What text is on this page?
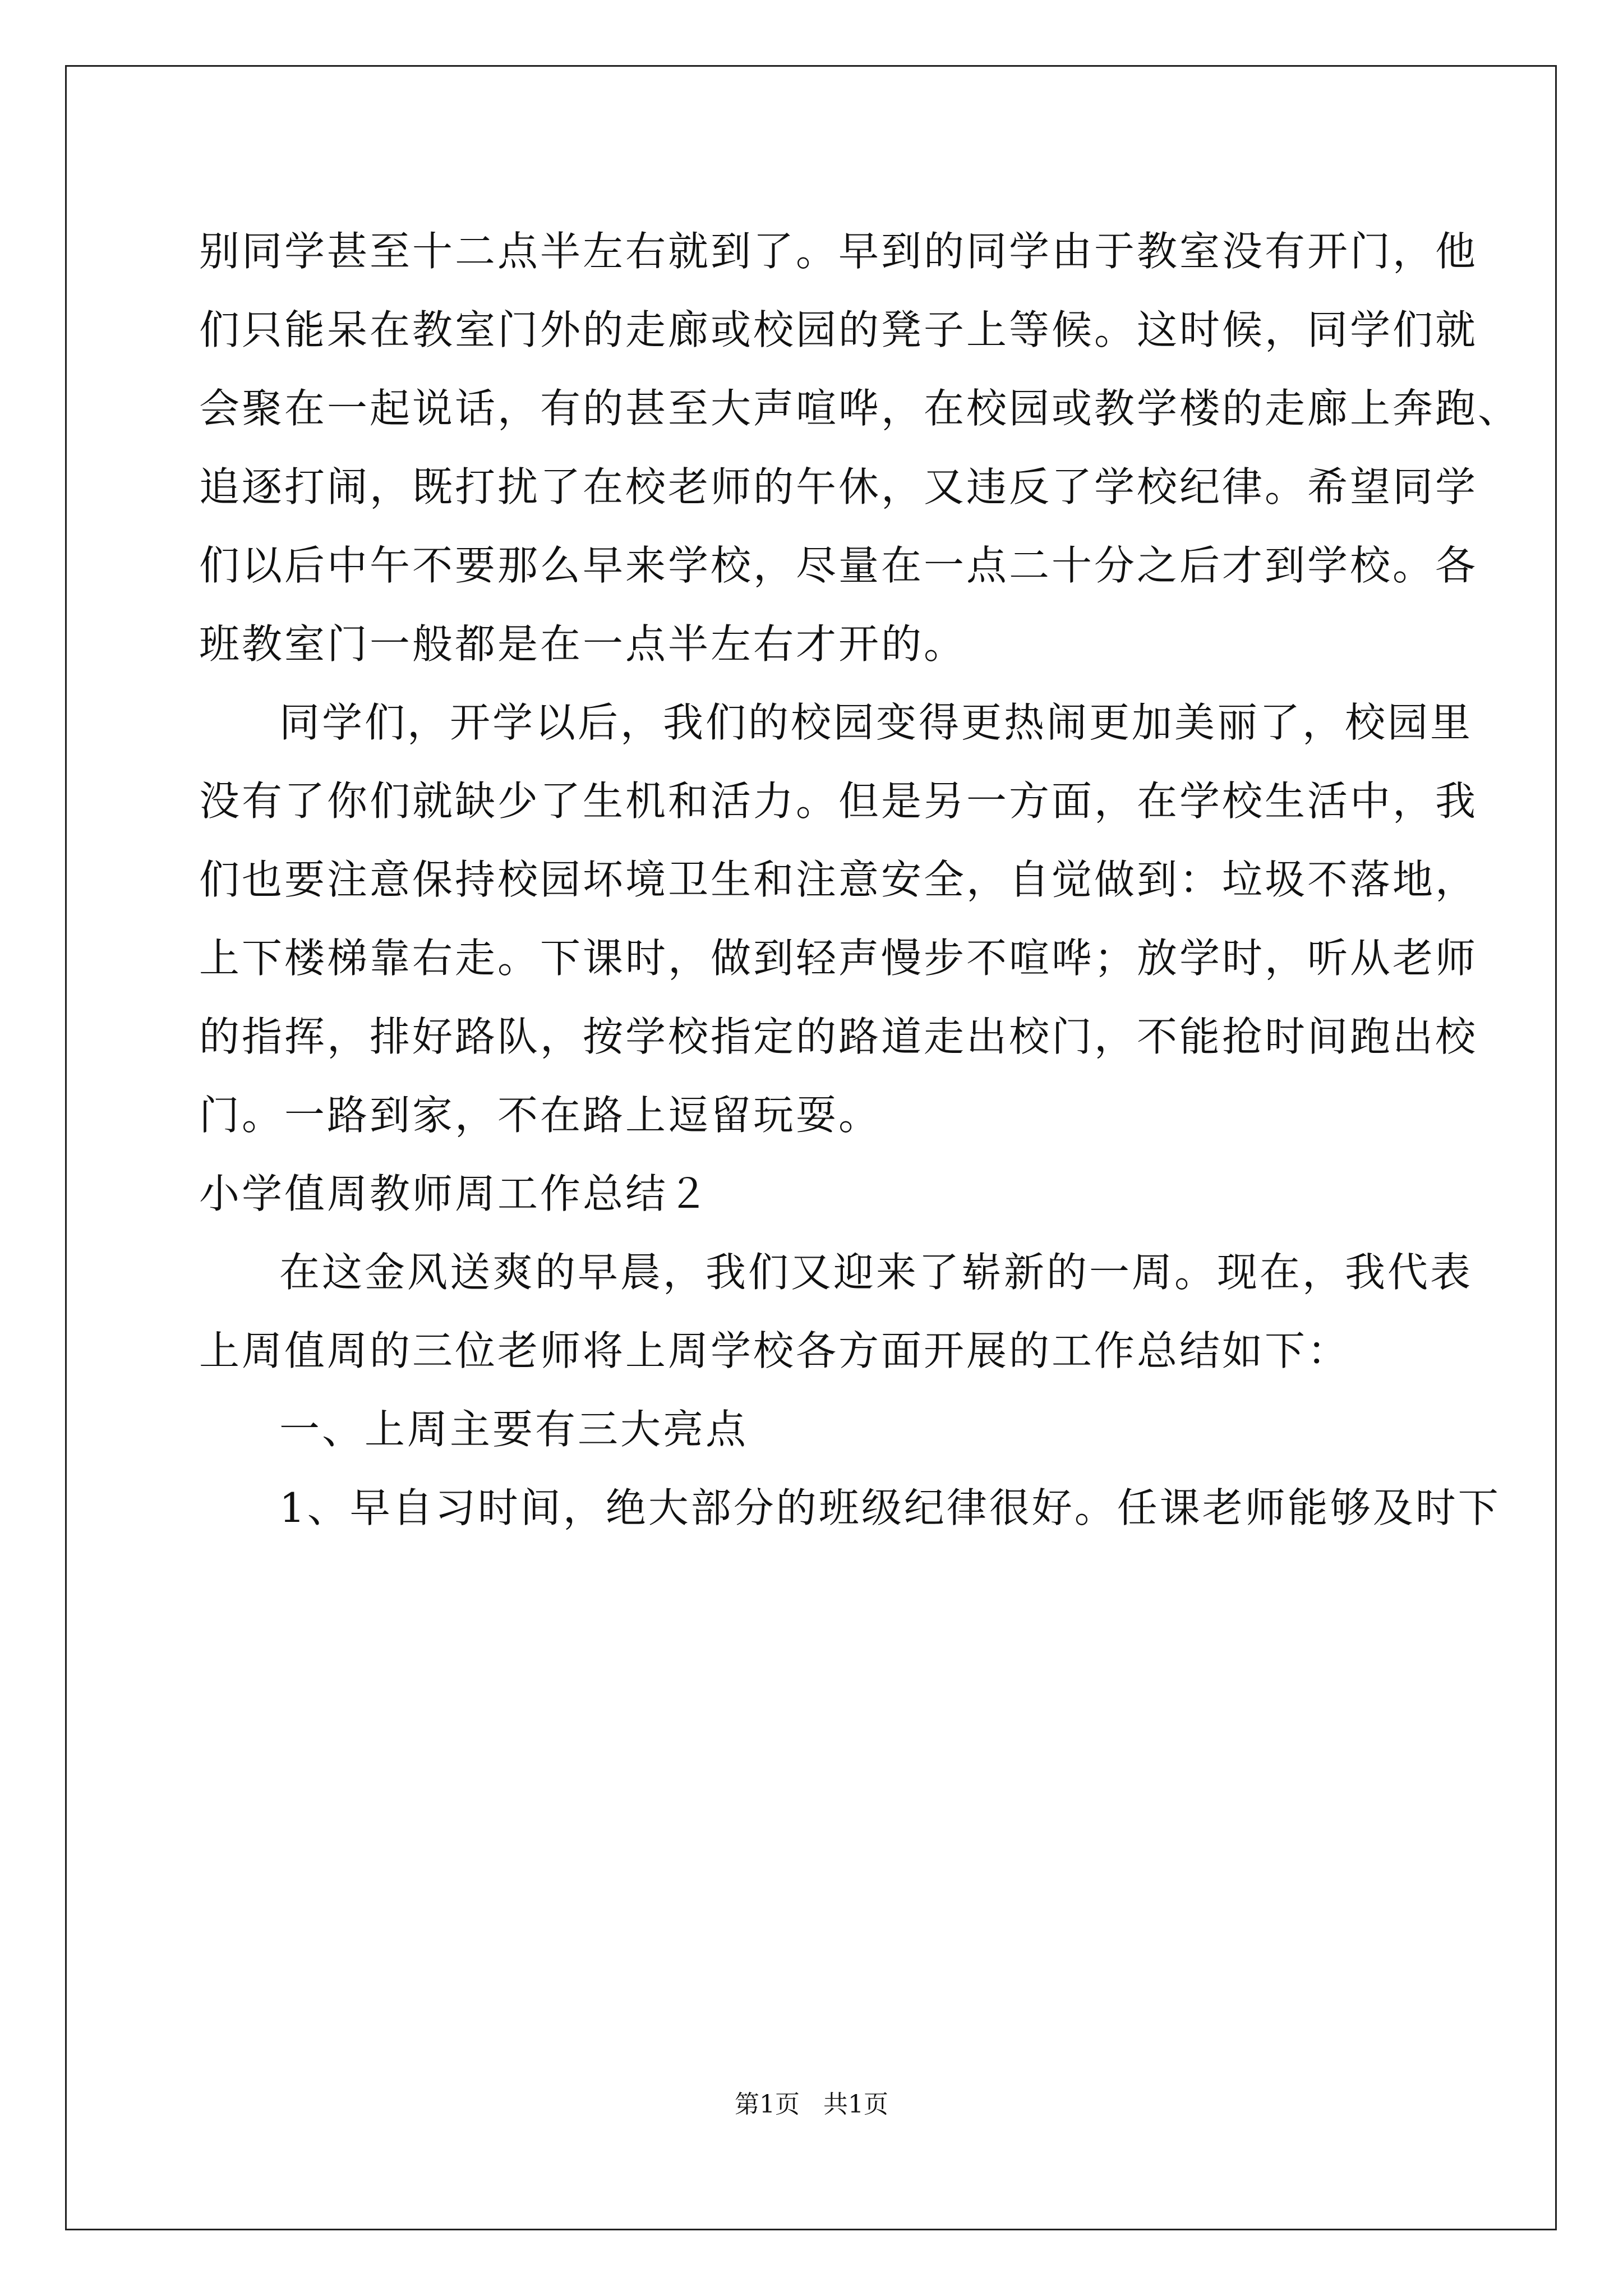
别同学甚至十二点半左右就到了。早到的同学由于教室没有开门，他

们只能呆在教室门外的走廊或校园的凳子上等候。这时候，同学们就

会聚在一起说话，有的甚至大声喧哗，在校园或教学楼的走廊上奔跑、

追逐打闹，既打扰了在校老师的午休，又违反了学校纪律。希望同学

们以后中午不要那么早来学校，尽量在一点二十分之后才到学校。各

班教室门一般都是在一点半左右才开的。

同学们，开学以后，我们的校园变得更热闹更加美丽了，校园里

没有了你们就缺少了生机和活力。但是另一方面，在学校生活中，我

们也要注意保持校园坏境卫生和注意安全，自觉做到：垃圾不落地，

上下楼梯靠右走。下课时，做到轻声慢步不喧哗；放学时，听从老师

的指挥，排好路队，按学校指定的路道走出校门，不能抢时间跑出校

门。一路到家，不在路上逗留玩耍。

小学值周教师周工作总结２

在这金风送爽的早晨，我们又迎来了崭新的一周。现在，我代表

上周值周的三位老师将上周学校各方面开展的工作总结如下：

一、上周主要有三大亮点

1、早自习时间，绝大部分的班级纪律很好。任课老师能够及时下

第1页   共1页
